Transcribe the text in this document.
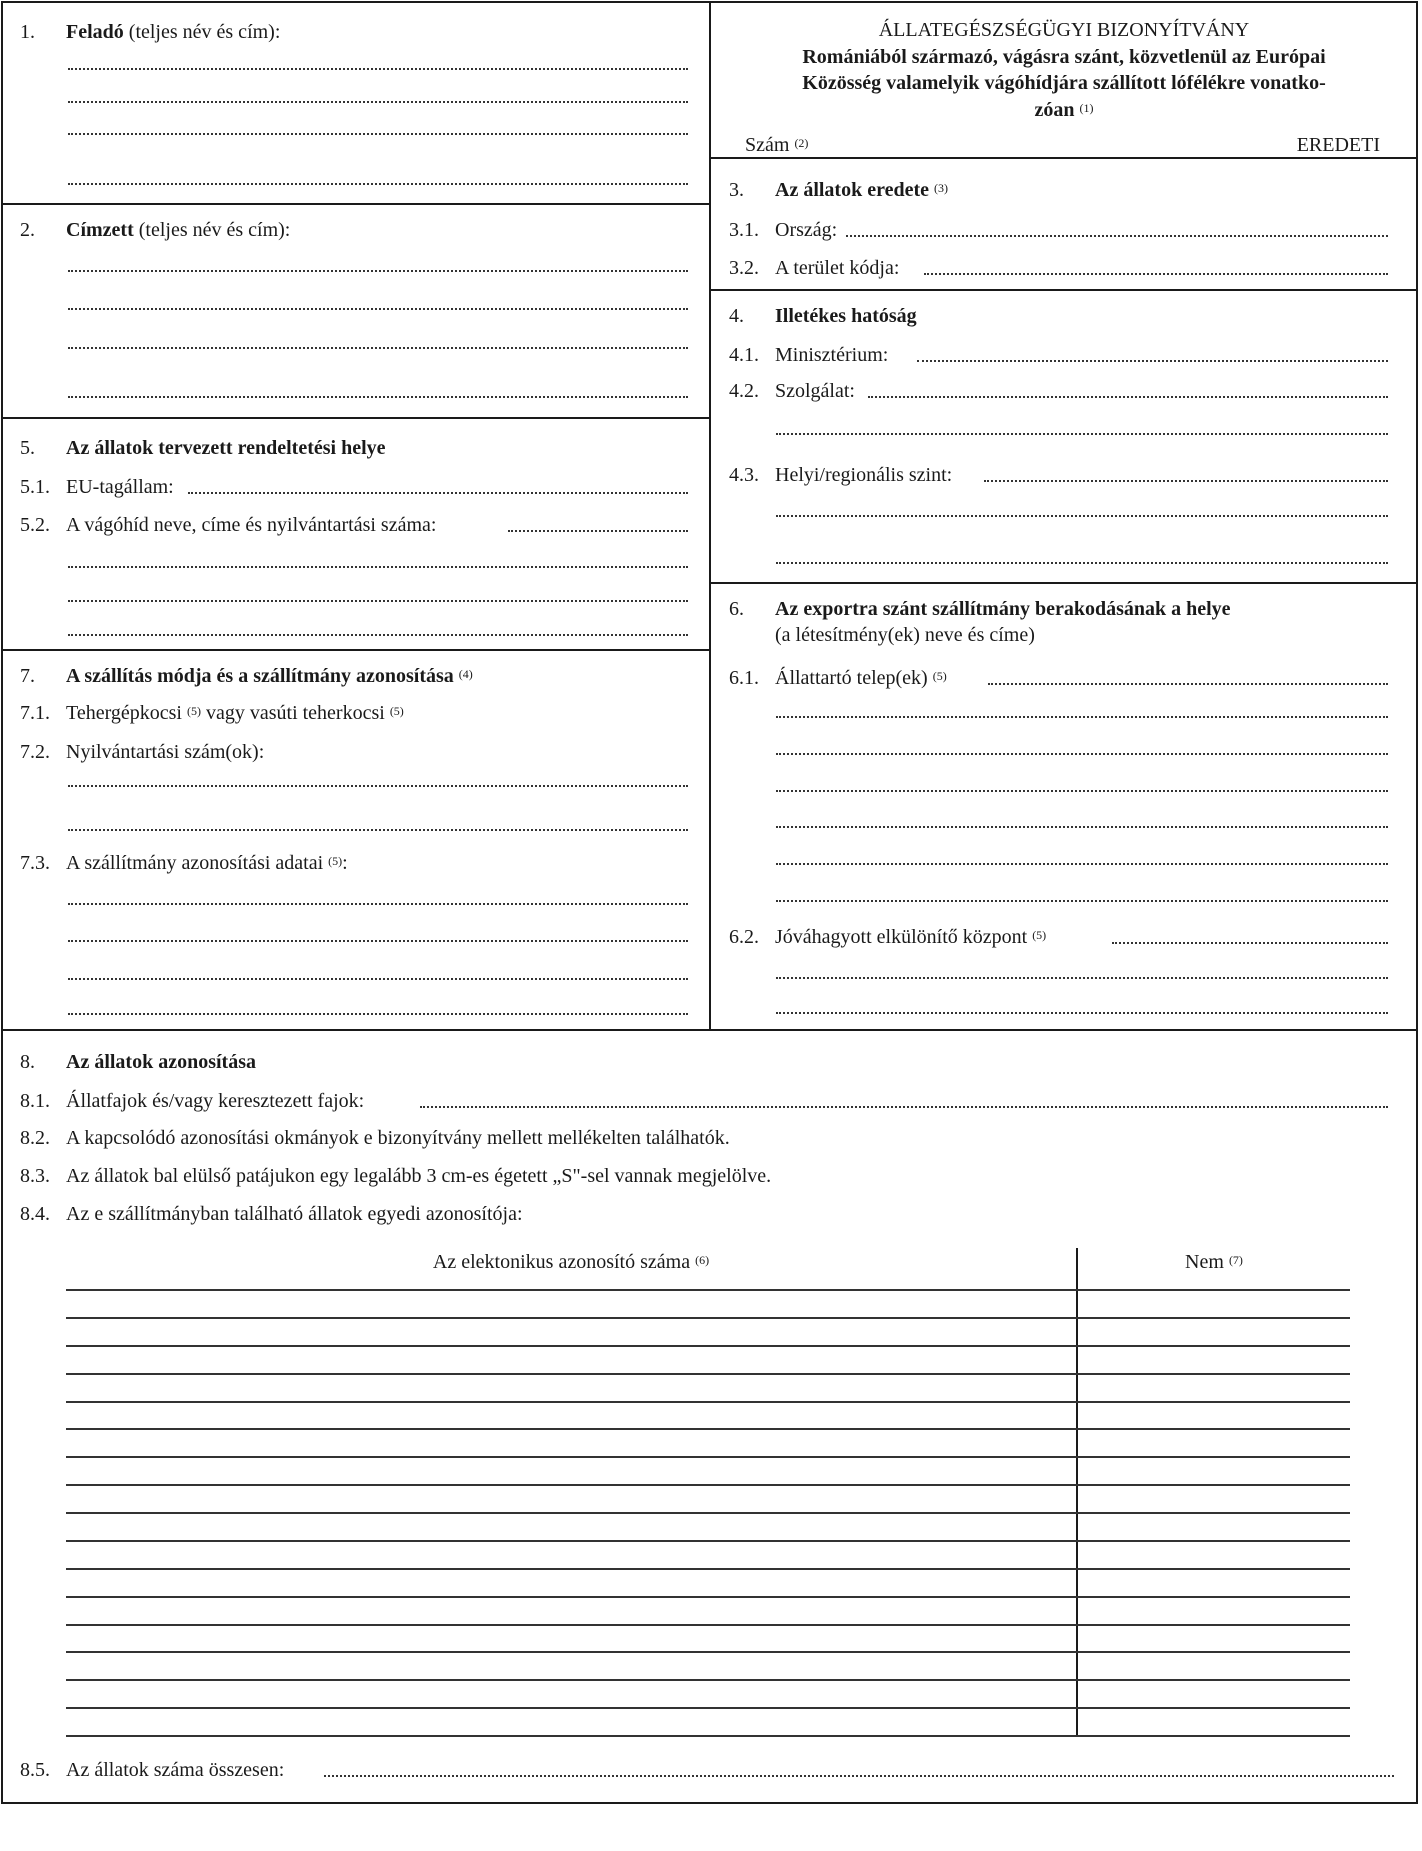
1. Feladó (teljes név és cím):
2. Címzett (teljes név és cím):
5. Az állatok tervezett rendeltetési helye
5.1. EU-tagállam:
5.2. A vágóhíd neve, címe és nyilvántartási száma:
7. A szállítás módja és a szállítmány azonosítása $^{(4)}$
7.1. Tehergépkocsi $^{(5)}$ vagy vasúti teherkocsi $^{(5)}$
7.2. Nyilvántartási szám(ok):
7.3. A szállítmány azonosítási adatai $^{(5)}$:
ÁLLATEGÉSZSÉGÜGYI BIZONYÍTVÁNY
Romániából származó, vágásra szánt, közvetlenül az Európai
Közösség valamelyik vágóhídjára szállított lófélékre vonatko-
zóan $^{(1)}$
Szám $^{(2)}$	EREDETI
3. Az állatok eredete $^{(3)}$
3.1. Ország:
3.2. A terület kódja:
4. Illetékes hatóság
4.1. Minisztérium:
4.2. Szolgálat:
4.3. Helyi/regionális szint:
6. Az exportra szánt szállítmány berakodásának a helye
(a létesítmény(ek) neve és címe)
6.1. Állattartó telep(ek) $^{(5)}$
6.2. Jóváhagyott elkülönítő központ $^{(5)}$
8. Az állatok azonosítása
8.1. Állatfajok és/vagy keresztezett fajok:
8.2. A kapcsolódó azonosítási okmányok e bizonyítvány mellett mellékelten találhatók.
8.3. Az állatok bal elülső patájukon egy legalább 3 cm-es égetett „S"-sel vannak megjelölve.
8.4. Az e szállítmányban található állatok egyedi azonosítója:
Az elektonikus azonosító száma $^{(6)}$	Nem $^{(7)}$
8.5. Az állatok száma összesen:
